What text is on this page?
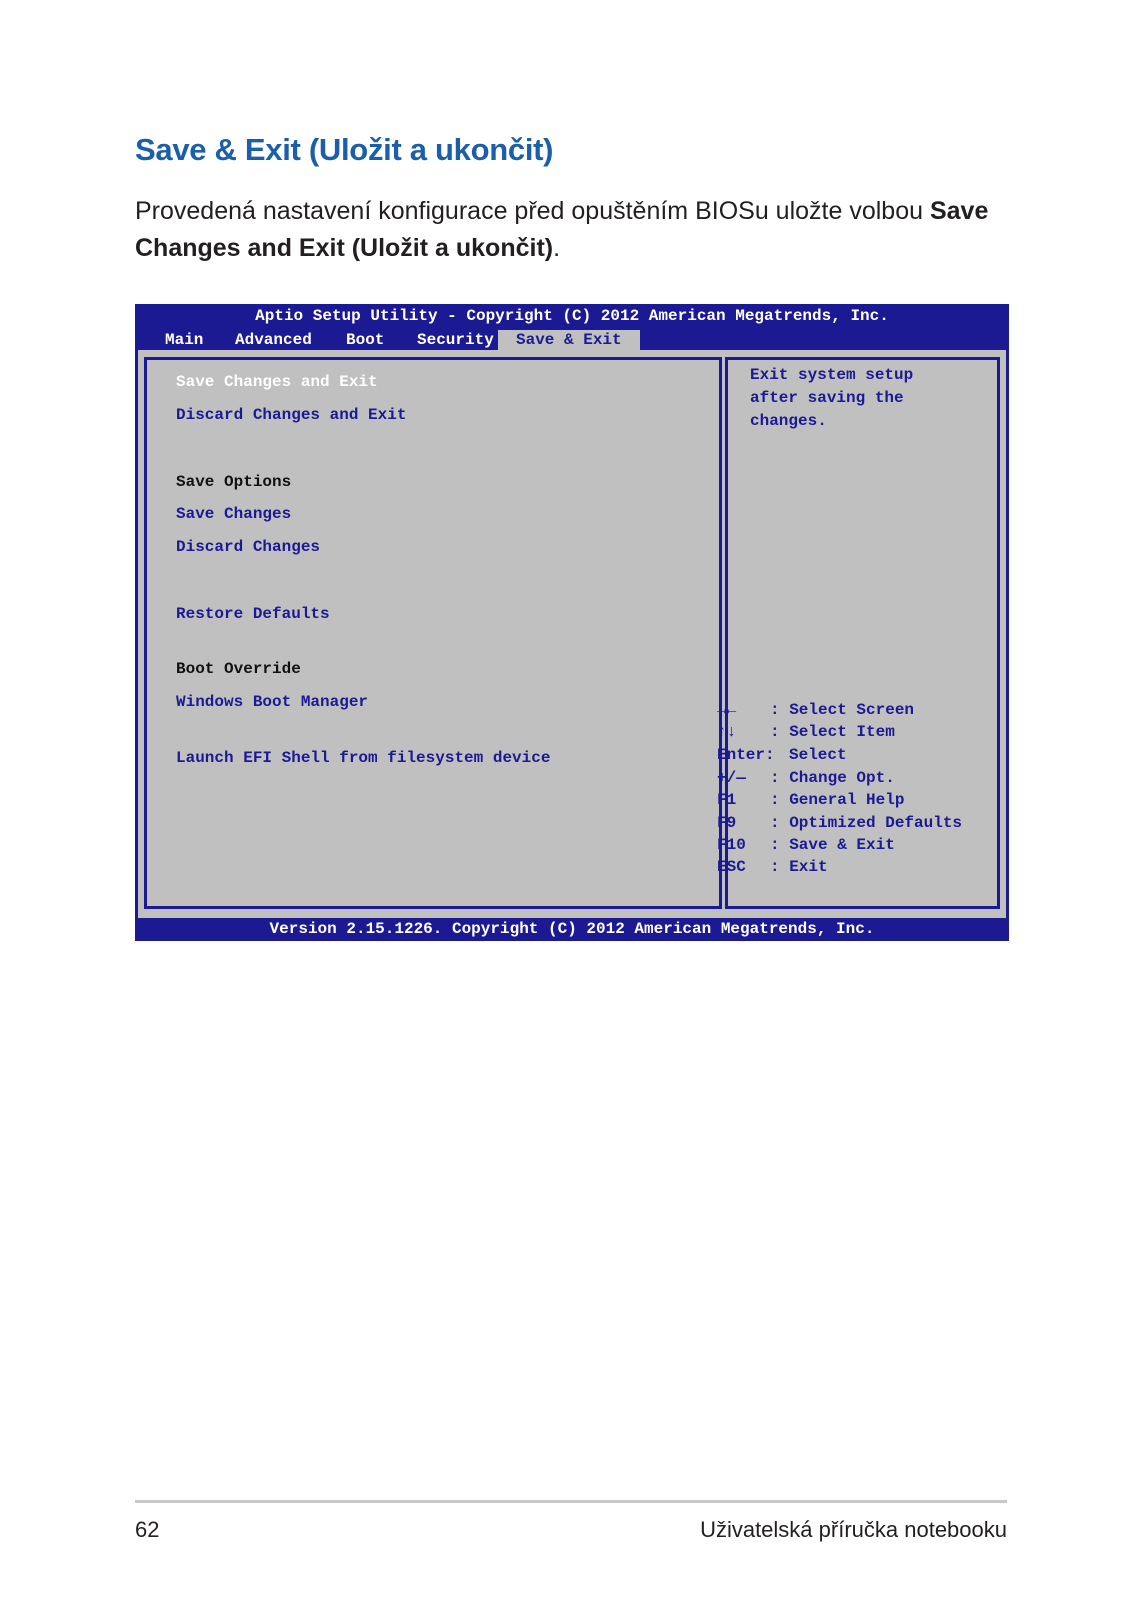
Save & Exit (Uložit a ukončit)

Provedená nastavení konfigurace před opuštěním BIOSu uložte volbou Save Changes and Exit (Uložit a ukončit).

Aptio Setup Utility - Copyright (C) 2012 American Megatrends, Inc.
Main Advanced Boot Security	Save & Exit
Save Changes and Exit
Discard Changes and Exit
Save Options
Save Changes
Discard Changes
Restore Defaults
Boot Override
Windows Boot Manager
Launch EFI Shell from filesystem device
Exit system setup
after saving the
changes.
→← : Select Screen
↑↓ : Select Item
Enter: Select
+/— : Change Opt.
F1 : General Help
F9 : Optimized Defaults
F10 : Save & Exit
ESC : Exit
Version 2.15.1226. Copyright (C) 2012 American Megatrends, Inc.
62	Uživatelská příručka notebooku
